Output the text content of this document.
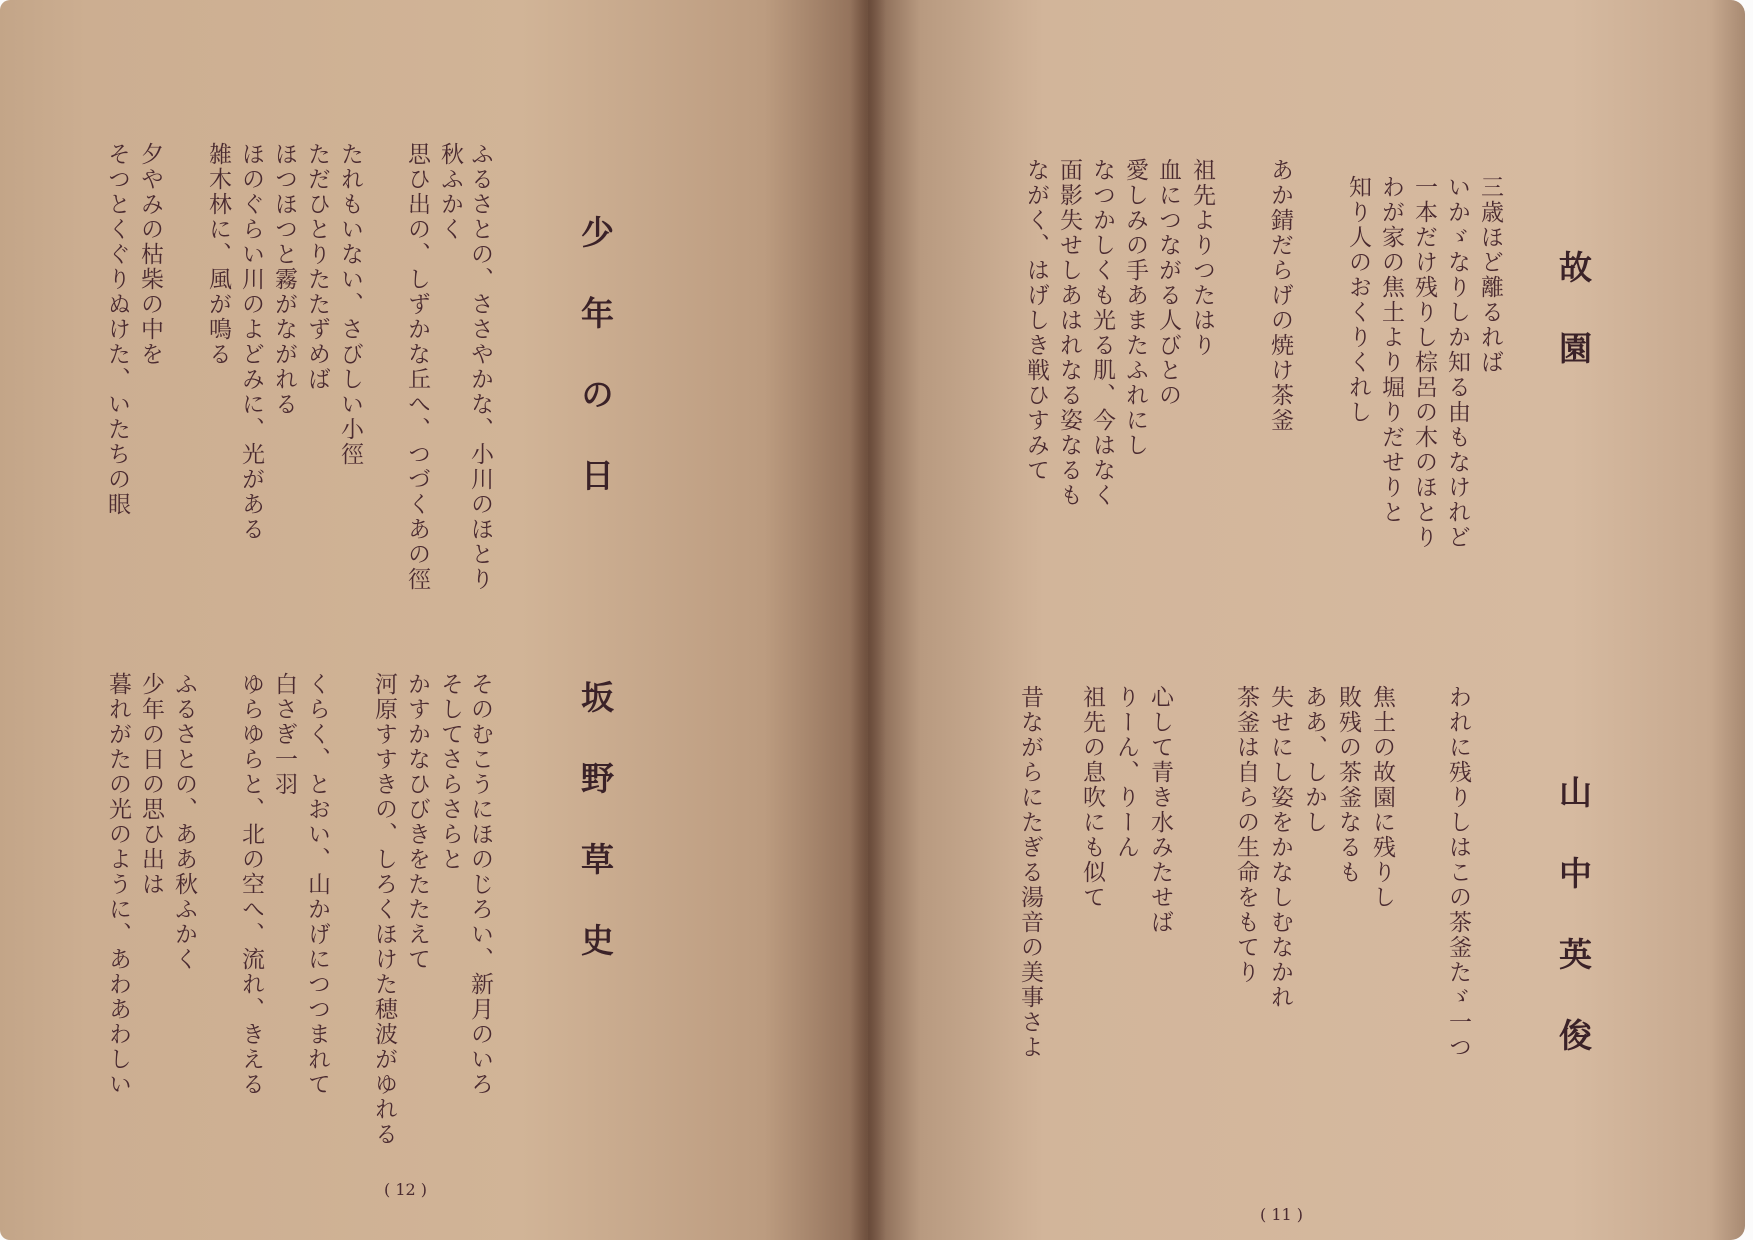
少年の日
坂野草史
ふるさとの、ささやかな、小川のほとり
秋ふかく
思ひ出の、しずかな丘へ、つづくあの徑
たれもいない、さびしい小徑
ただひとりたたずめば
ほつほつと霧がながれる
ほのぐらい川のよどみに、光がある
雑木林に、風が鳴る
夕やみの枯柴の中を
そつとくぐりぬけた、いたちの眼
そのむこうにほのじろい、新月のいろ
そしてさらさらと
かすかなひびきをたたえて
河原すすきの、しろくほけた穂波がゆれる
くらく、とおい、山かげにつつまれて
白さぎ一羽
ゆらゆらと、北の空へ、流れ、きえる
ふるさとの、ああ秋ふかく
少年の日の思ひ出は
暮れがたの光のように、あわあわしい
( 12 )
故園
山中英俊
三歳ほど離るれば
いかゞなりしか知る由もなけれど
一本だけ残りし棕呂の木のほとり
わが家の焦土より堀りだせりと
知り人のおくりくれし
あか錆だらげの焼け茶釜
祖先よりつたはり
血につながる人びとの
愛しみの手あまたふれにし
なつかしくも光る肌、今はなく
面影失せしあはれなる姿なるも
ながく、はげしき戦ひすみて
われに残りしはこの茶釜たゞ一つ
焦土の故園に残りし
敗残の茶釜なるも
ああ、しかし
失せにし姿をかなしむなかれ
茶釜は自らの生命をもてり
心して青き水みたせば
りーん、りーん
祖先の息吹にも似て
昔ながらにたぎる湯音の美事さよ
( 11 )
